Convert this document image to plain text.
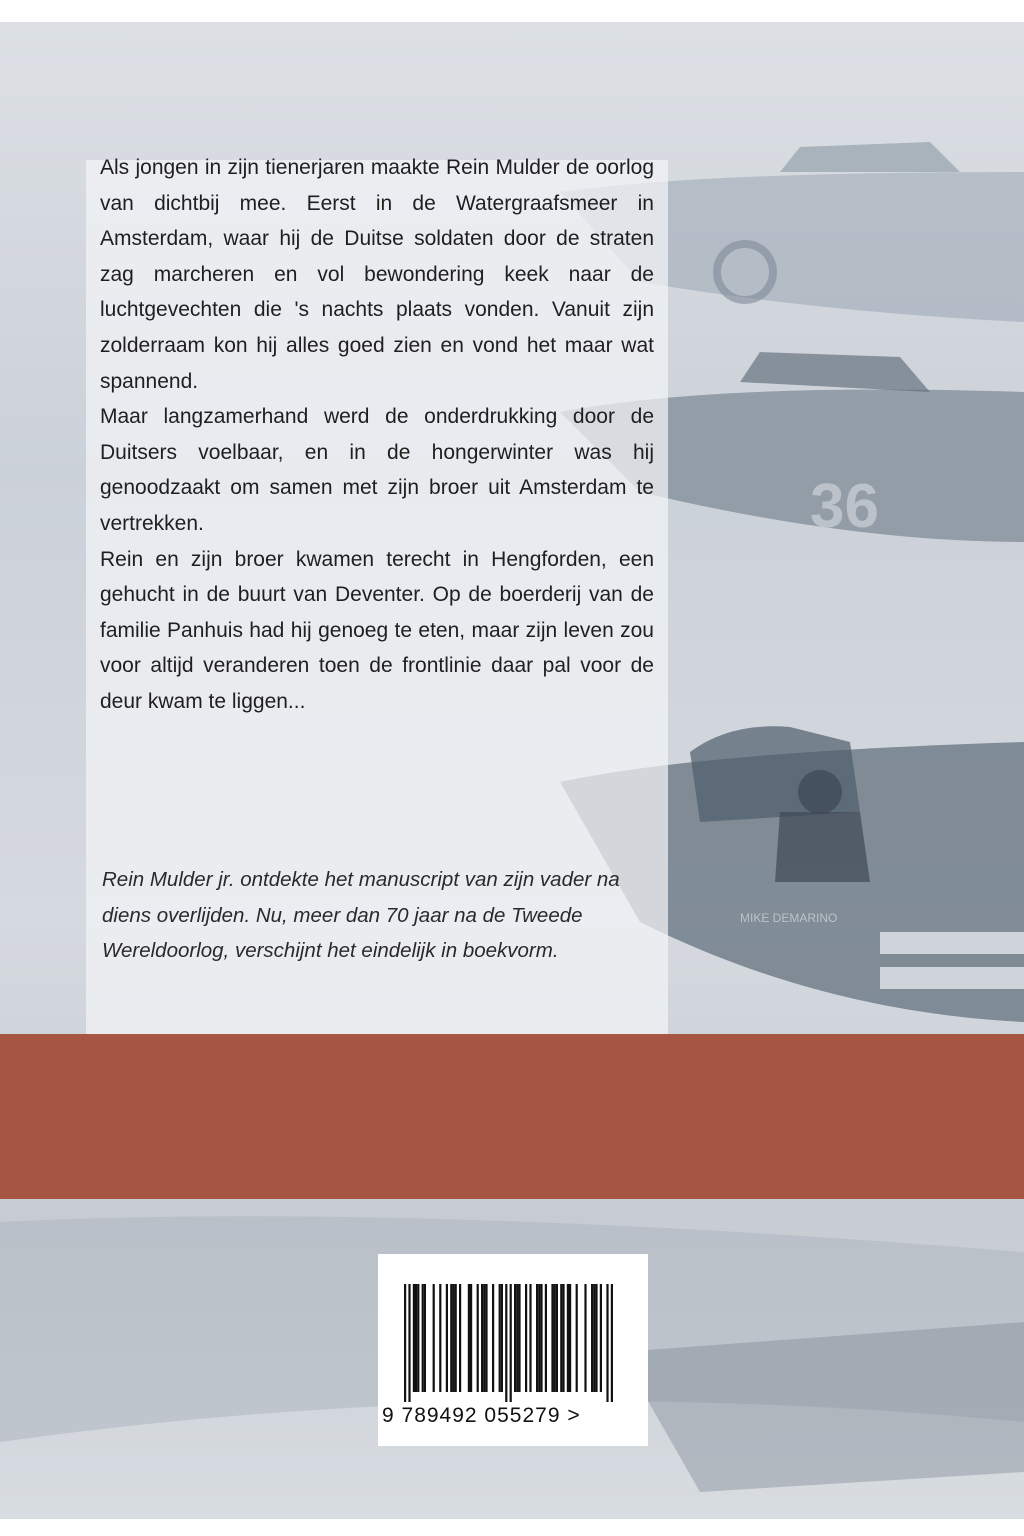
36
MIKE DEMARINO

Als jongen in zijn tienerjaren maakte Rein Mulder de oorlog van dichtbij mee. Eerst in de Watergraafsmeer in Amsterdam, waar hij de Duitse soldaten door de straten zag marcheren en vol bewondering keek naar de luchtgevechten die 's nachts plaats vonden. Vanuit zijn zolderraam kon hij alles goed zien en vond het maar wat spannend.

Maar langzamerhand werd de onderdrukking door de Duitsers voelbaar, en in de hongerwinter was hij genoodzaakt om samen met zijn broer uit Amsterdam te vertrekken.

Rein en zijn broer kwamen terecht in Hengforden, een gehucht in de buurt van Deventer. Op de boerderij van de familie Panhuis had hij genoeg te eten, maar zijn leven zou voor altijd veranderen toen de frontlinie daar pal voor de deur kwam te liggen...

Rein Mulder jr. ontdekte het manuscript van zijn vader na diens overlijden. Nu, meer dan 70 jaar na de Tweede Wereldoorlog, verschijnt het eindelijk in boekvorm.

9 789492 055279 >
